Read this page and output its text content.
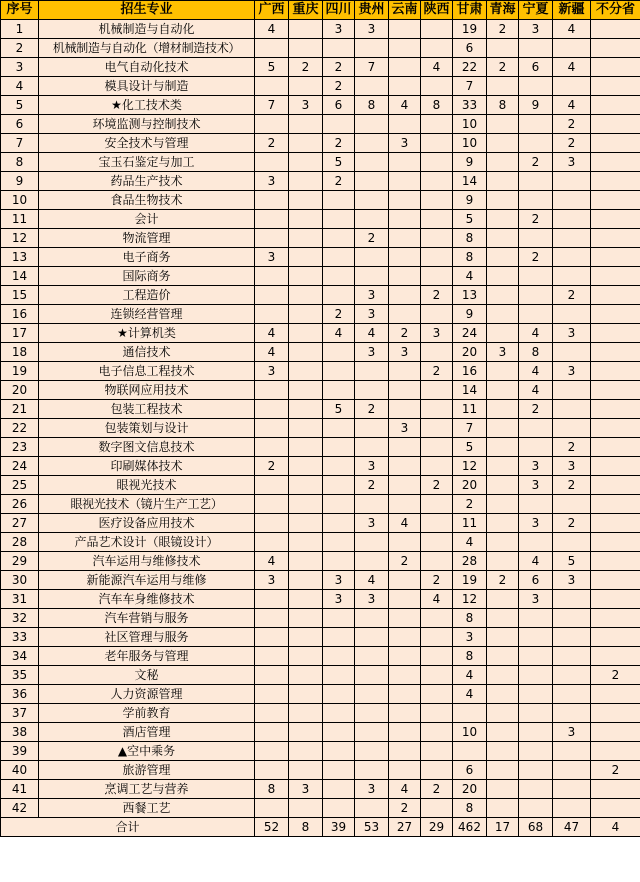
序号	招生专业	广西	重庆	四川	贵州	云南	陕西	甘肃	青海	宁夏	新疆	不分省
1	机械制造与自动化	4		3	3			19	2	3	4	
2	机械制造与自动化（增材制造技术）							6				
3	电气自动化技术	5	2	2	7		4	22	2	6	4	
4	模具设计与制造			2				7				
5	★化工技术类	7	3	6	8	4	8	33	8	9	4	
6	环境监测与控制技术							10			2	
7	安全技术与管理	2		2		3		10			2	
8	宝玉石鉴定与加工			5				9		2	3	
9	药品生产技术	3		2				14				
10	食品生物技术							9				
11	会计							5		2		
12	物流管理				2			8				
13	电子商务	3						8		2		
14	国际商务							4				
15	工程造价				3		2	13			2	
16	连锁经营管理			2	3			9				
17	★计算机类	4		4	4	2	3	24		4	3	
18	通信技术	4			3	3		20	3	8		
19	电子信息工程技术	3					2	16		4	3	
20	物联网应用技术							14		4		
21	包装工程技术			5	2			11		2		
22	包装策划与设计					3		7				
23	数字图文信息技术							5			2	
24	印刷媒体技术	2			3			12		3	3	
25	眼视光技术				2		2	20		3	2	
26	眼视光技术（镜片生产工艺）							2				
27	医疗设备应用技术				3	4		11		3	2	
28	产品艺术设计（眼镜设计）							4				
29	汽车运用与维修技术	4				2		28		4	5	
30	新能源汽车运用与维修	3		3	4		2	19	2	6	3	
31	汽车车身维修技术			3	3		4	12		3		
32	汽车营销与服务							8				
33	社区管理与服务							3				
34	老年服务与管理							8				
35	文秘							4				2
36	人力资源管理							4				
37	学前教育											
38	酒店管理							10			3	
39	▲空中乘务											
40	旅游管理							6				2
41	烹调工艺与营养	8	3		3	4	2	20				
42	西餐工艺					2		8				
合计		52	8	39	53	27	29	462	17	68	47	4
